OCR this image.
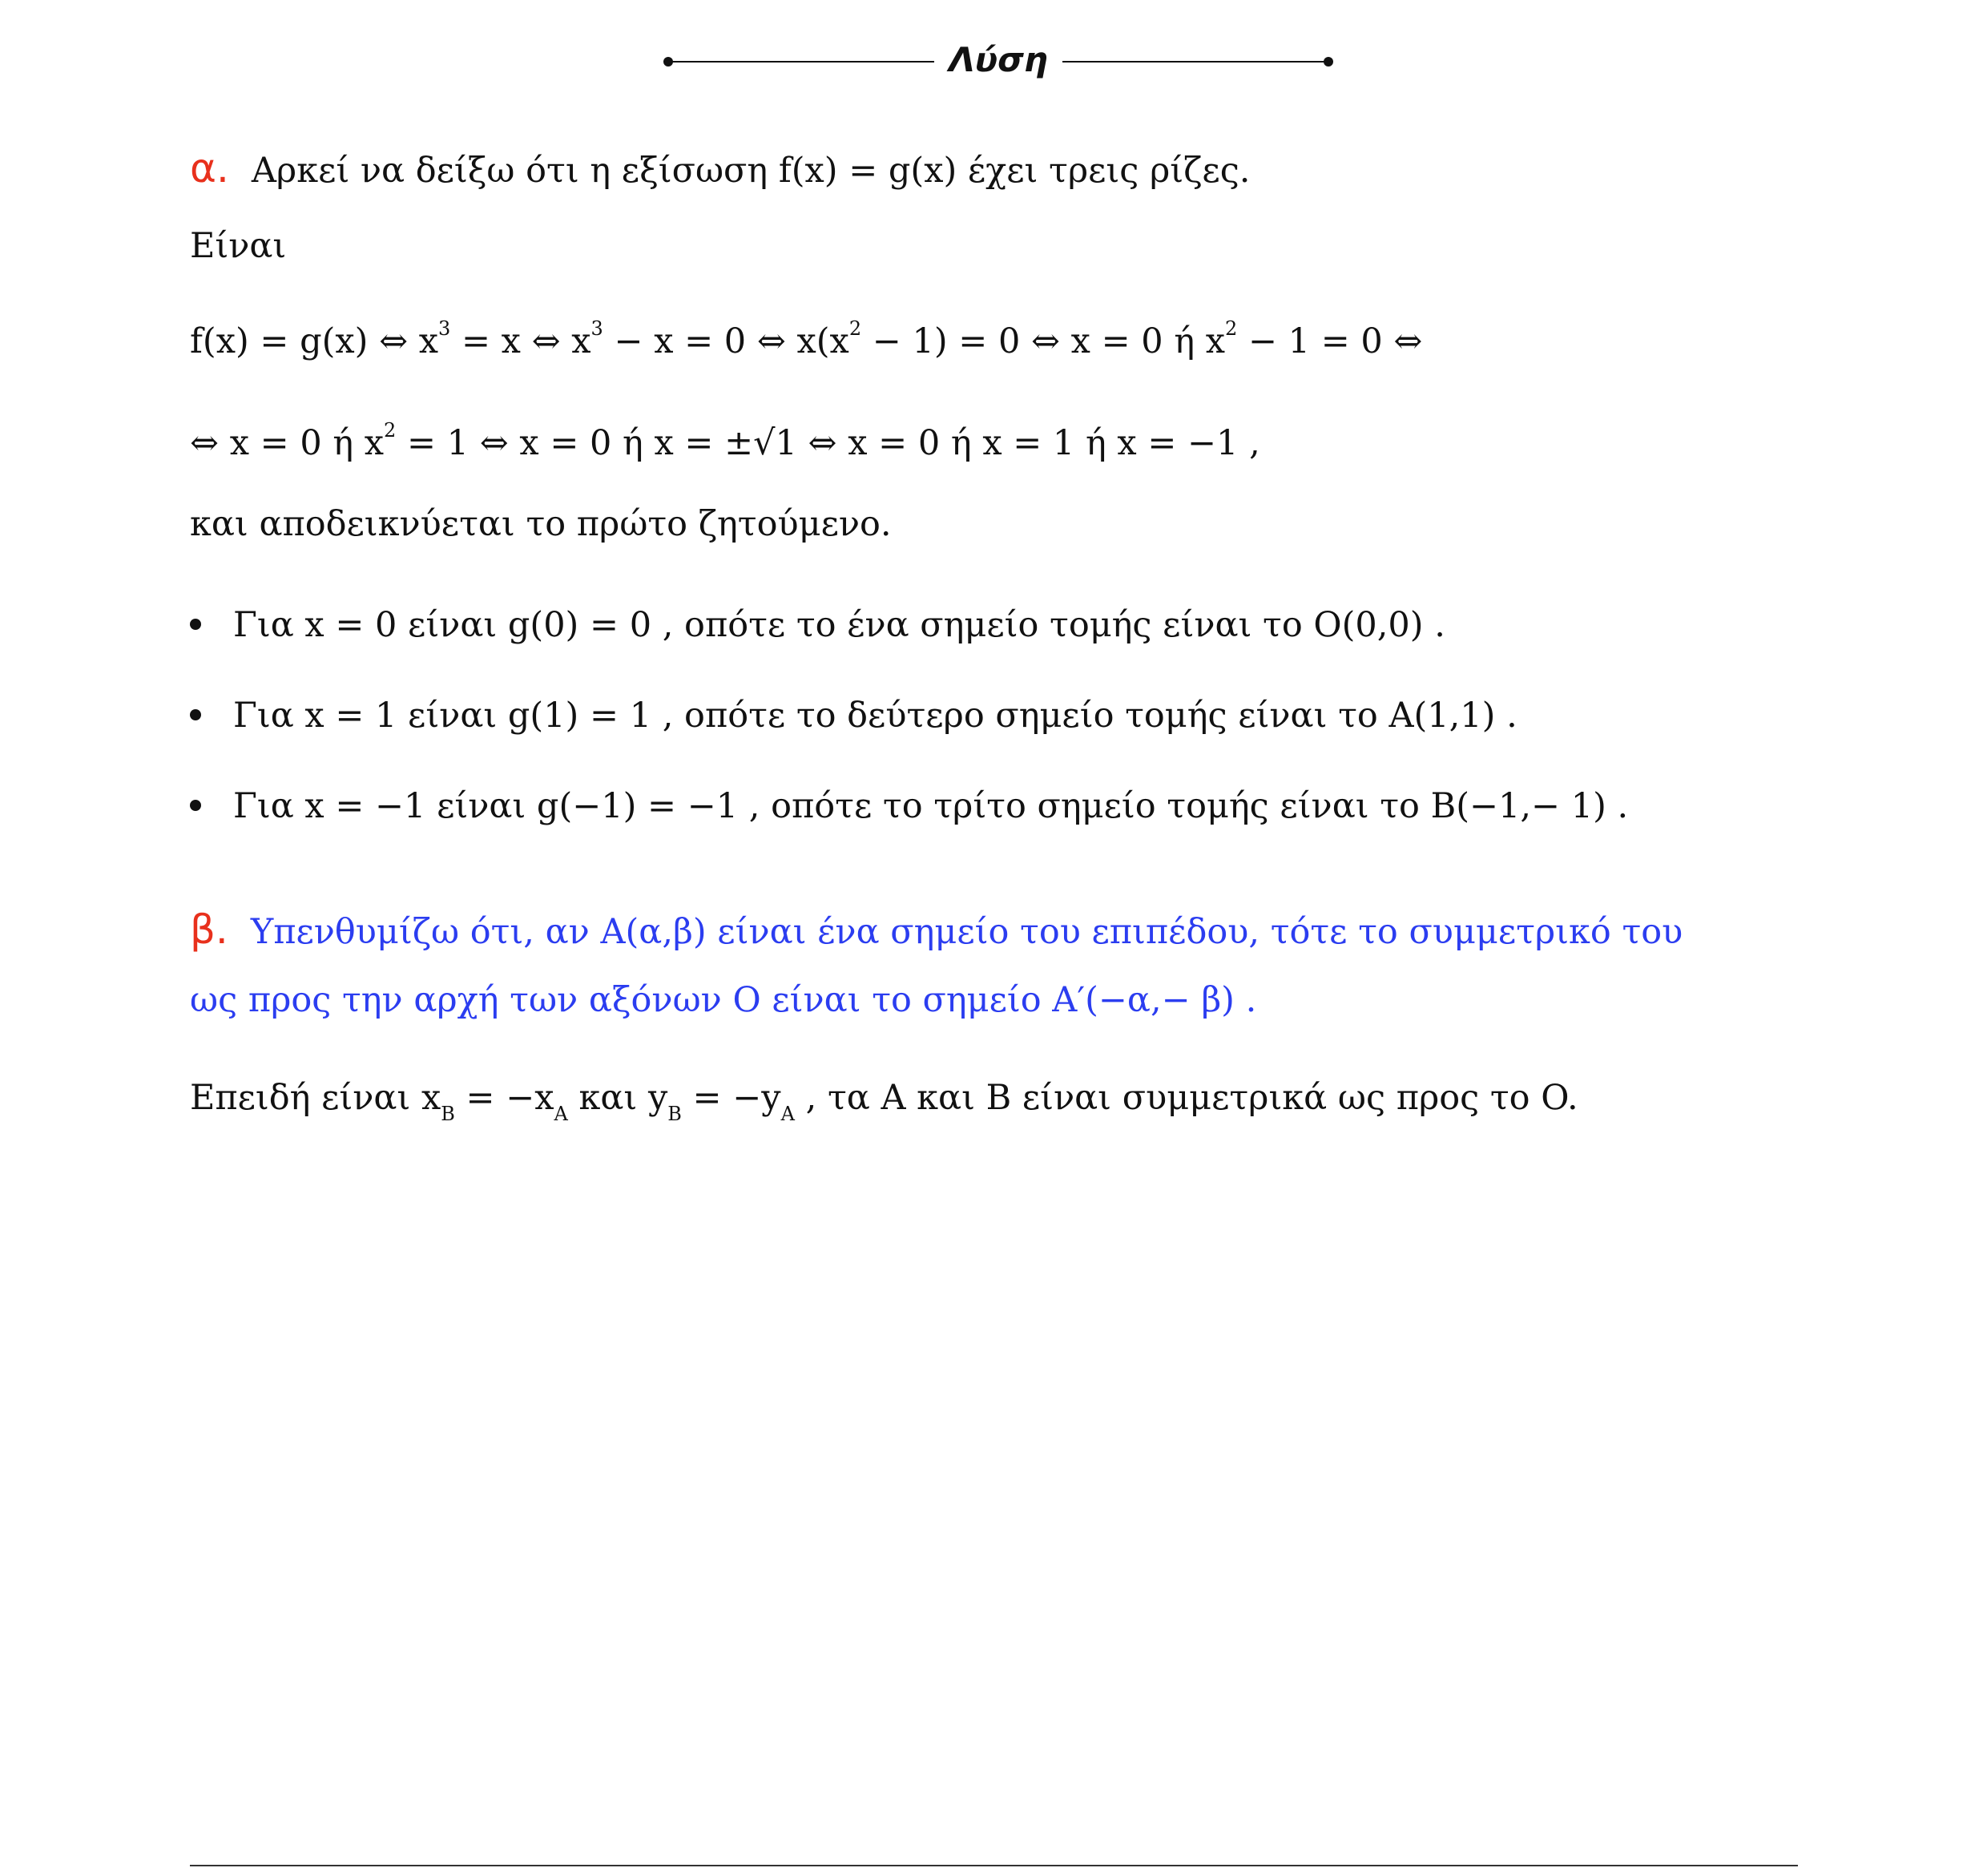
Λύση
α. Αρκεί να δείξω ότι η εξίσωση f(x) = g(x) έχει τρεις ρίζες.
Είναι
f(x) = g(x) ⇔ $x^3 = x$ ⇔ $x^3 - x = 0$ ⇔ $x(x^2 - 1) = 0$ ⇔ x = 0 ή $x^2 - 1 = 0$ ⇔
⇔ x = 0 ή $x^2 = 1$ ⇔ x = 0 ή x = ±√1 ⇔ x = 0 ή x = 1 ή x = −1 ,
και αποδεικνύεται το πρώτο ζητούμενο.
Για x = 0 είναι g(0) = 0 , οπότε το ένα σημείο τομής είναι το O(0,0) .
Για x = 1 είναι g(1) = 1 , οπότε το δεύτερο σημείο τομής είναι το A(1,1) .
Για x = −1 είναι g(−1) = −1 , οπότε το τρίτο σημείο τομής είναι το B(−1,− 1) .
β. Υπενθυμίζω ότι, αν A(α,β) είναι ένα σημείο του επιπέδου, τότε το συμμετρικό του
ως προς την αρχή των αξόνων O είναι το σημείο A′(−α,− β) .
Επειδή είναι $x_B = -x_A$ και $y_B = -y_A$ , τα A και B είναι συμμετρικά ως προς το O.
